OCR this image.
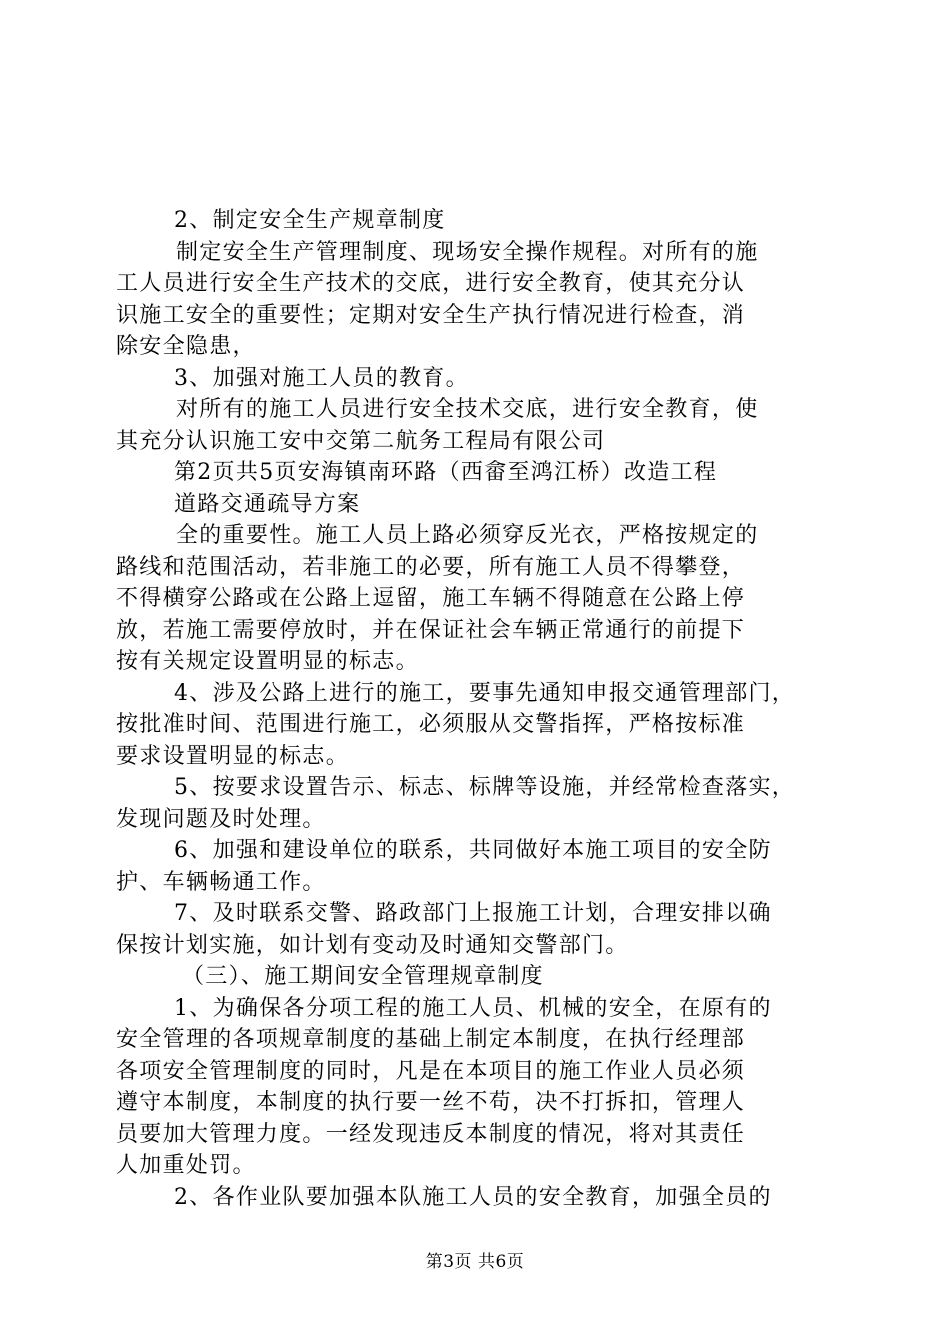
2、制定安全生产规章制度
制定安全生产管理制度、现场安全操作规程。对所有的施
工人员进行安全生产技术的交底，进行安全教育，使其充分认
识施工安全的重要性；定期对安全生产执行情况进行检查，消
除安全隐患，
3、加强对施工人员的教育。
对所有的施工人员进行安全技术交底，进行安全教育，使
其充分认识施工安中交第二航务工程局有限公司
第2页共5页安海镇南环路（西畲至鸿江桥）改造工程
道路交通疏导方案
全的重要性。施工人员上路必须穿反光衣，严格按规定的
路线和范围活动，若非施工的必要，所有施工人员不得攀登，
不得横穿公路或在公路上逗留，施工车辆不得随意在公路上停
放，若施工需要停放时，并在保证社会车辆正常通行的前提下
按有关规定设置明显的标志。
4、涉及公路上进行的施工，要事先通知申报交通管理部门，
按批准时间、范围进行施工，必须服从交警指挥，严格按标准
要求设置明显的标志。
5、按要求设置告示、标志、标牌等设施，并经常检查落实，
发现问题及时处理。
6、加强和建设单位的联系，共同做好本施工项目的安全防
护、车辆畅通工作。
7、及时联系交警、路政部门上报施工计划，合理安排以确
保按计划实施，如计划有变动及时通知交警部门。
（三）、施工期间安全管理规章制度
1、为确保各分项工程的施工人员、机械的安全，在原有的
安全管理的各项规章制度的基础上制定本制度，在执行经理部
各项安全管理制度的同时，凡是在本项目的施工作业人员必须
遵守本制度，本制度的执行要一丝不苟，决不打拆扣，管理人
员要加大管理力度。一经发现违反本制度的情况，将对其责任
人加重处罚。
2、各作业队要加强本队施工人员的安全教育，加强全员的
第3页 共6页
